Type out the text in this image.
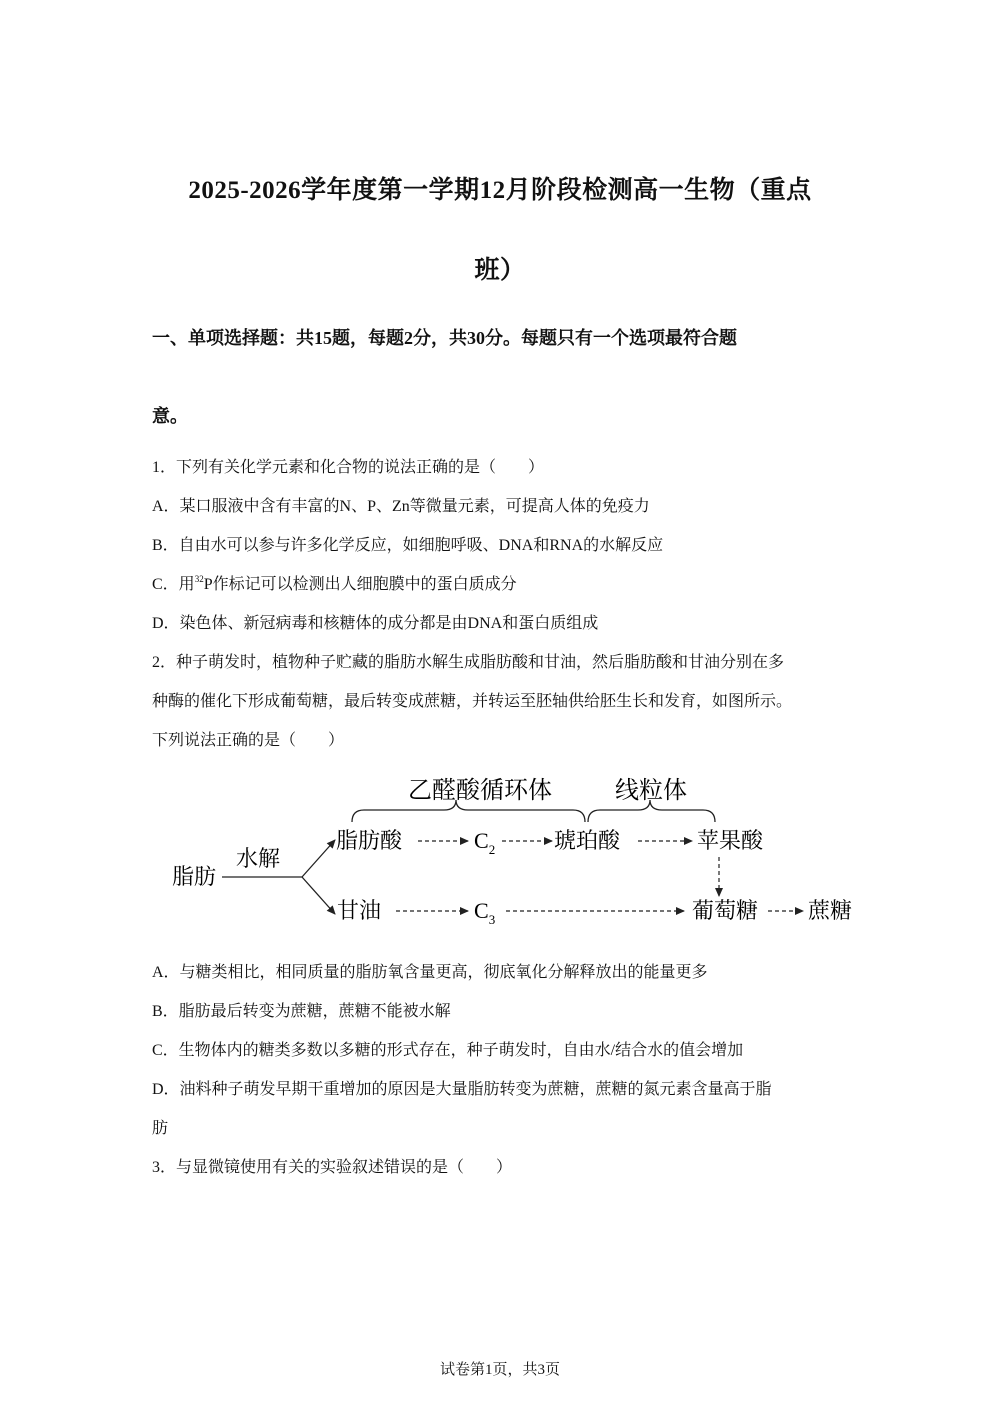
2025-2026学年度第一学期12月阶段检测高一生物（重点
班）
一、单项选择题：共15题，每题2分，共30分。每题只有一个选项最符合题
意。
1．下列有关化学元素和化合物的说法正确的是（　　）
A．某口服液中含有丰富的N、P、Zn等微量元素，可提高人体的免疫力
B．自由水可以参与许多化学反应，如细胞呼吸、DNA和RNA的水解反应
C．用$^{32}$P作标记可以检测出人细胞膜中的蛋白质成分
D．染色体、新冠病毒和核糖体的成分都是由DNA和蛋白质组成
2．种子萌发时，植物种子贮藏的脂肪水解生成脂肪酸和甘油，然后脂肪酸和甘油分别在多
种酶的催化下形成葡萄糖，最后转变成蔗糖，并转运至胚轴供给胚生长和发育，如图所示。
下列说法正确的是（　　）
乙醛酸循环体	线粒体
脂肪
水解
脂肪酸	$C_2$	琥珀酸	苹果酸
甘油	$C_3$	葡萄糖 蔗糖
A．与糖类相比，相同质量的脂肪氧含量更高，彻底氧化分解释放出的能量更多
B．脂肪最后转变为蔗糖，蔗糖不能被水解
C．生物体内的糖类多数以多糖的形式存在，种子萌发时，自由水/结合水的值会增加
D．油料种子萌发早期干重增加的原因是大量脂肪转变为蔗糖，蔗糖的氮元素含量高于脂
肪
3．与显微镜使用有关的实验叙述错误的是（　　）
试卷第1页，共3页
